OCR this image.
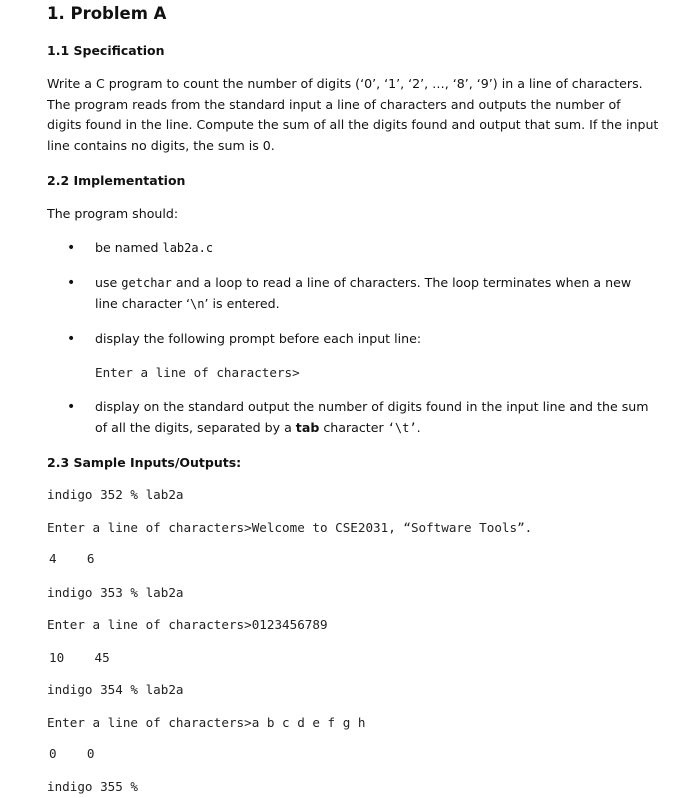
1. Problem A
1.1 Specification
Write a C program to count the number of digits (‘0’, ‘1’, ‘2’, …, ‘8’, ‘9’) in a line of characters. The program reads from the standard input a line of characters and outputs the number of digits found in the line. Compute the sum of all the digits found and output that sum. If the input line contains no digits, the sum is 0.
2.2 Implementation
The program should:
• be named lab2a.c
• use getchar and a loop to read a line of characters. The loop terminates when a new line character ‘\n’ is entered.
• display the following prompt before each input line:
Enter a line of characters>
• display on the standard output the number of digits found in the input line and the sum of all the digits, separated by a tab character ‘\t’.
2.3 Sample Inputs/Outputs:
indigo 352 % lab2a
Enter a line of characters>Welcome to CSE2031, “Software Tools”.
4    6
indigo 353 % lab2a
Enter a line of characters>0123456789
10    45
indigo 354 % lab2a
Enter a line of characters>a b c d e f g h
0    0
indigo 355 %
